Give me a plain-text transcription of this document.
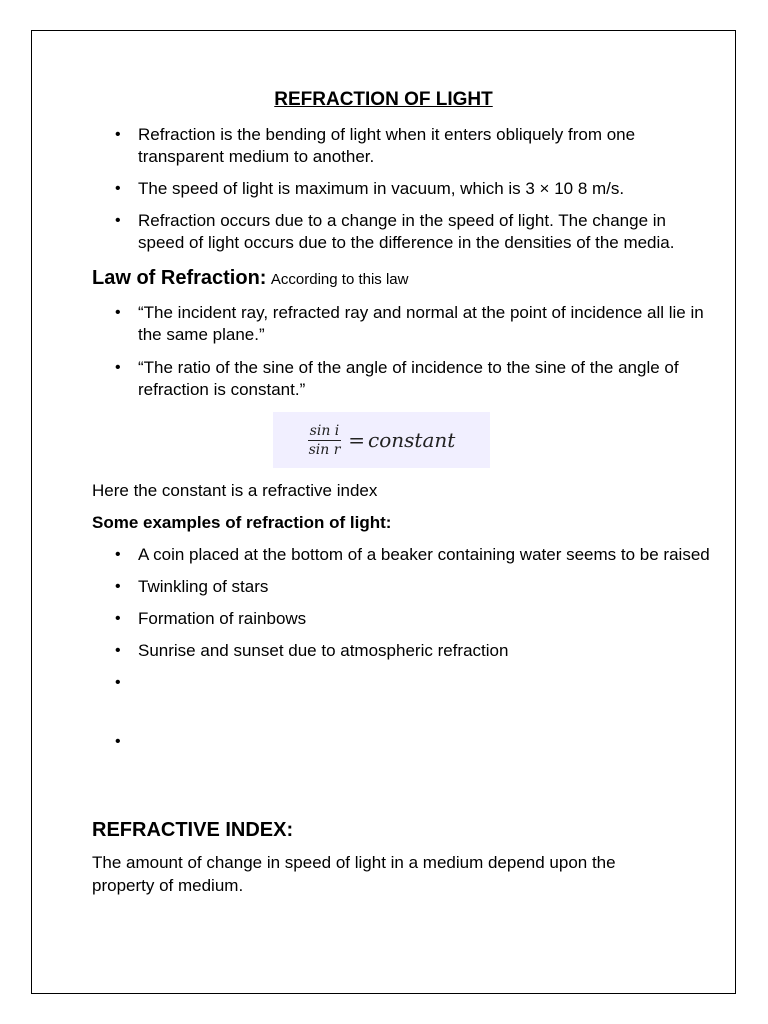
REFRACTION OF LIGHT
• Refraction is the bending of light when it enters obliquely from one transparent medium to another.
• The speed of light is maximum in vacuum, which is 3 × 10 8 m/s.
• Refraction occurs due to a change in the speed of light. The change in speed of light occurs due to the difference in the densities of the media.
Law of Refraction: According to this law
• “The incident ray, refracted ray and normal at the point of incidence all lie in the same plane.”
• “The ratio of the sine of the angle of incidence to the sine of the angle of refraction is constant.”
$\frac{\text{sin i}}{\text{sin r}}$ = constant
Here the constant is a refractive index
Some examples of refraction of light:
• A coin placed at the bottom of a beaker containing water seems to be raised
• Twinkling of stars
• Formation of rainbows
• Sunrise and sunset due to atmospheric refraction
•
•
REFRACTIVE INDEX:
The amount of change in speed of light in a medium depend upon the property of medium.
